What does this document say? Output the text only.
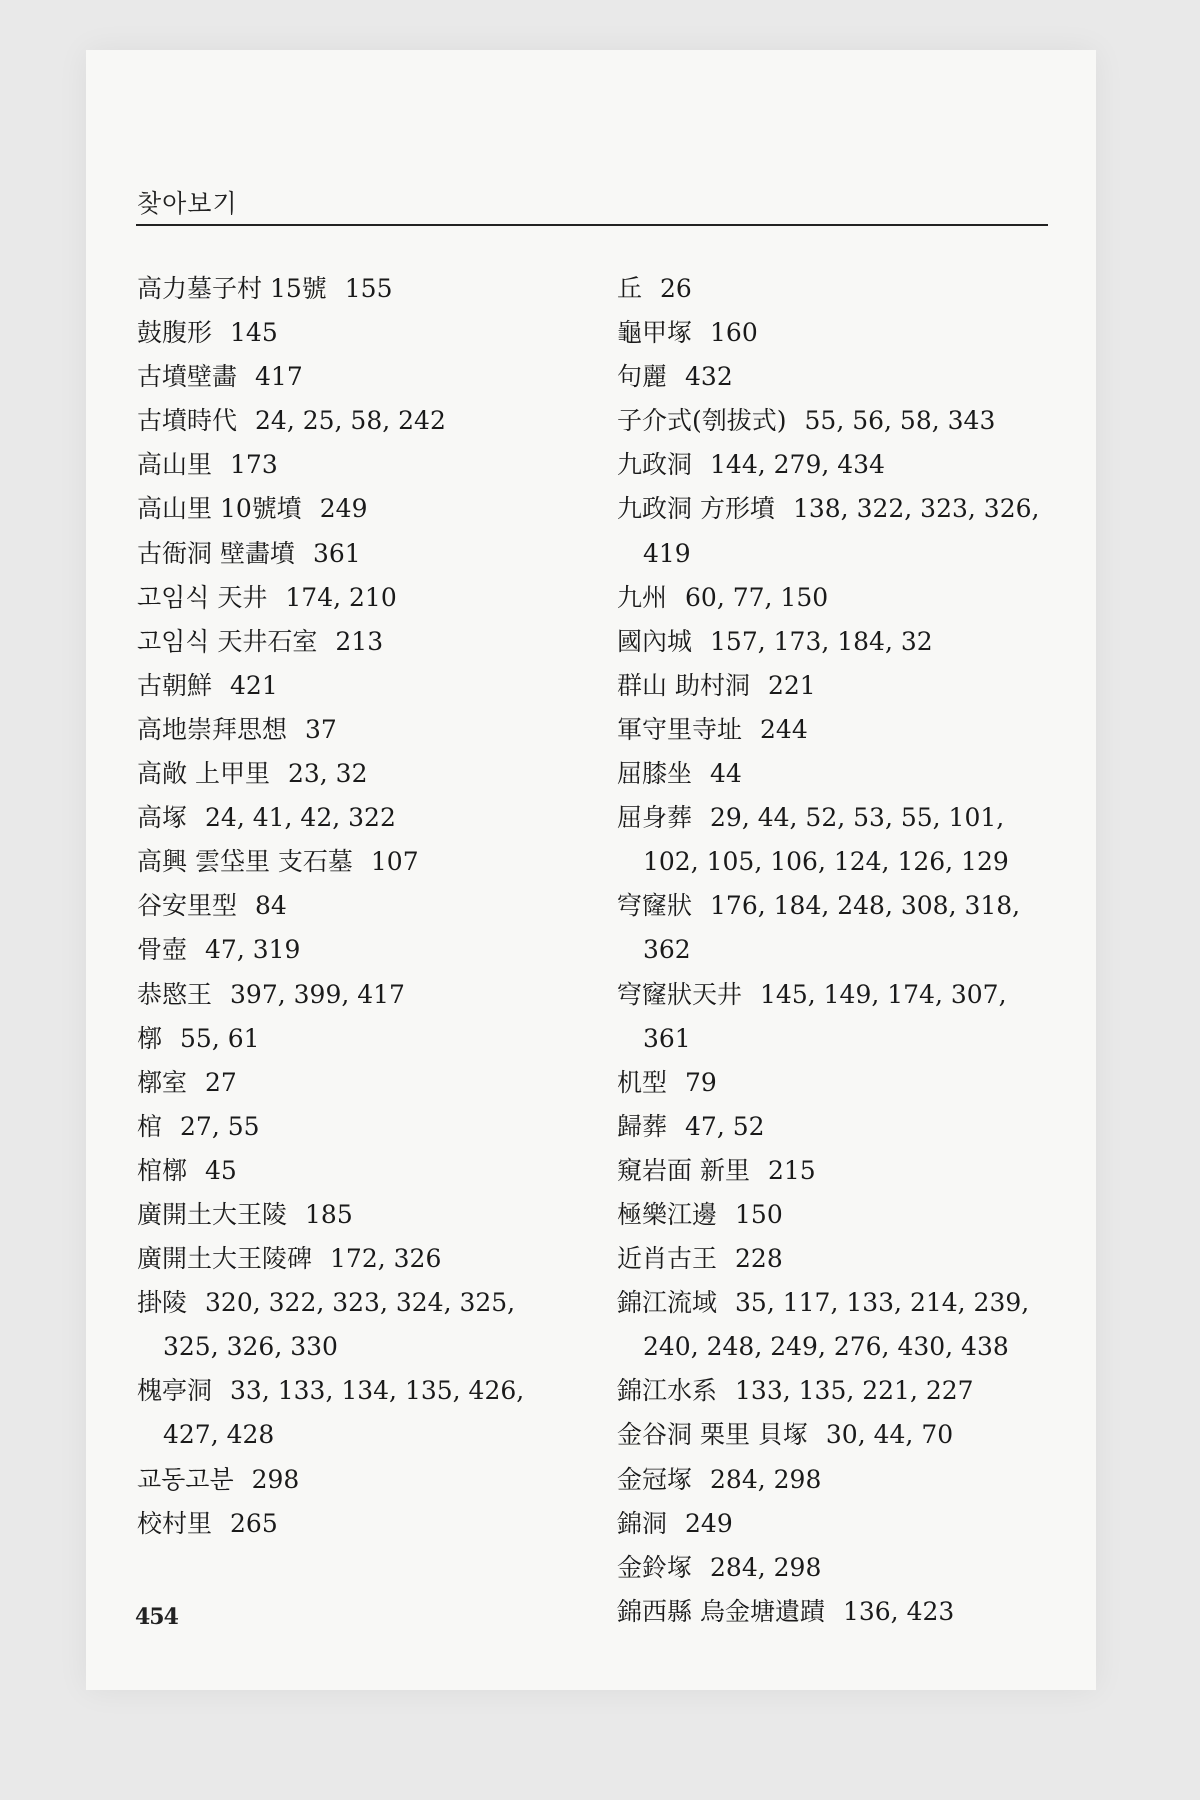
찾아보기
高力墓子村 15號 155
鼓腹形 145
古墳壁畵 417
古墳時代 24, 25, 58, 242
高山里 173
高山里 10號墳 249
古衙洞 壁畵墳 361
고임식 天井 174, 210
고임식 天井石室 213
古朝鮮 421
高地崇拜思想 37
高敞 上甲里 23, 32
高塚 24, 41, 42, 322
高興 雲垈里 支石墓 107
谷安里型 84
骨壺 47, 319
恭愍王 397, 399, 417
槨 55, 61
槨室 27
棺 27, 55
棺槨 45
廣開土大王陵 185
廣開土大王陵碑 172, 326
掛陵 320, 322, 323, 324, 325, 325, 326, 330
槐亭洞 33, 133, 134, 135, 426, 427, 428
교동고분 298
校村里 265
丘 26
龜甲塚 160
句麗 432
子介式(刳拔式) 55, 56, 58, 343
九政洞 144, 279, 434
九政洞 方形墳 138, 322, 323, 326, 419
九州 60, 77, 150
國內城 157, 173, 184, 32
群山 助村洞 221
軍守里寺址 244
屈膝坐 44
屈身葬 29, 44, 52, 53, 55, 101, 102, 105, 106, 124, 126, 129
穹窿狀 176, 184, 248, 308, 318, 362
穹窿狀天井 145, 149, 174, 307, 361
机型 79
歸葬 47, 52
窺岩面 新里 215
極樂江邊 150
近肖古王 228
錦江流域 35, 117, 133, 214, 239, 240, 248, 249, 276, 430, 438
錦江水系 133, 135, 221, 227
金谷洞 栗里 貝塚 30, 44, 70
金冠塚 284, 298
錦洞 249
金鈴塚 284, 298
錦西縣 烏金塘遺蹟 136, 423
454
